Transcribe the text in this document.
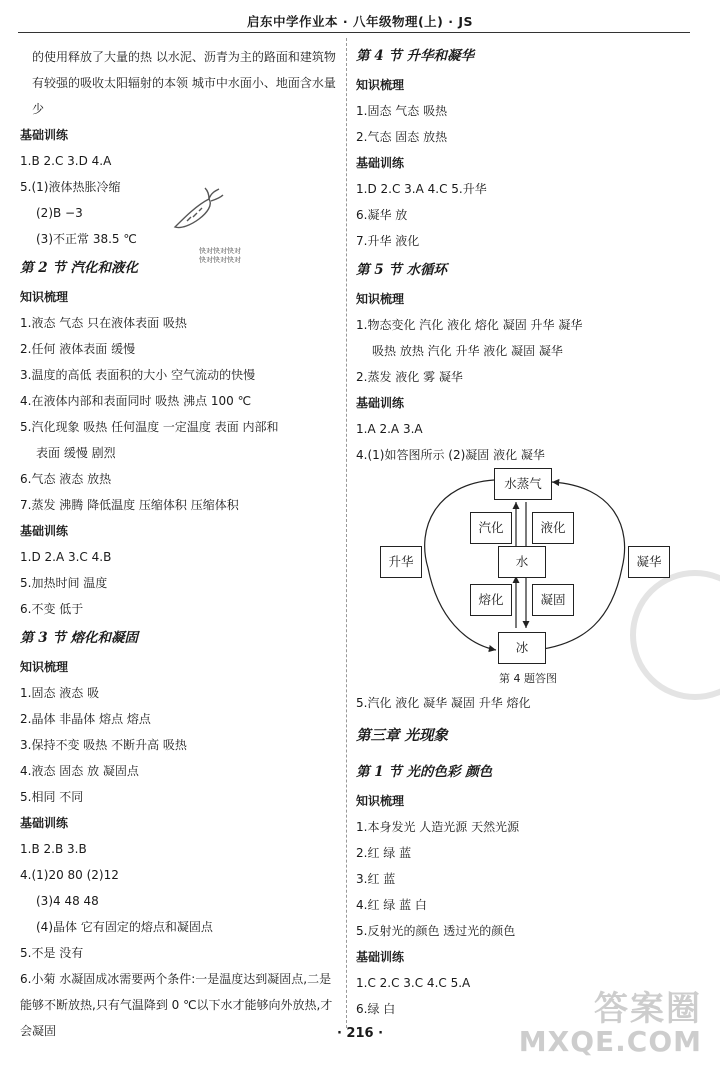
启东中学作业本 · 八年级物理(上) · JS
快对快对快对
快对快对快对
的使用释放了大量的热 以水泥、沥青为主的路面和建筑物有较强的吸收太阳辐射的本领 城市中水面小、地面含水量少
基础训练
1.B 2.C 3.D 4.A
5.(1)液体热胀冷缩
(2)B −3
(3)不正常 38.5 ℃
第 2 节 汽化和液化
知识梳理
1.液态 气态 只在液体表面 吸热
2.任何 液体表面 缓慢
3.温度的高低 表面积的大小 空气流动的快慢
4.在液体内部和表面同时 吸热 沸点 100 ℃
5.汽化现象 吸热 任何温度 一定温度 表面 内部和
表面 缓慢 剧烈
6.气态 液态 放热
7.蒸发 沸腾 降低温度 压缩体积 压缩体积
基础训练
1.D 2.A 3.C 4.B
5.加热时间 温度
6.不变 低于
第 3 节 熔化和凝固
知识梳理
1.固态 液态 吸
2.晶体 非晶体 熔点 熔点
3.保持不变 吸热 不断升高 吸热
4.液态 固态 放 凝固点
5.相同 不同
基础训练
1.B 2.B 3.B
4.(1)20 80 (2)12
(3)4 48 48
(4)晶体 它有固定的熔点和凝固点
5.不是 没有
6.小菊 水凝固成冰需要两个条件:一是温度达到凝固点,二是能够不断放热,只有气温降到 0 ℃以下水才能够向外放热,才会凝固
第 4 节 升华和凝华
知识梳理
1.固态 气态 吸热
2.气态 固态 放热
基础训练
1.D 2.C 3.A 4.C 5.升华
6.凝华 放
7.升华 液化
第 5 节 水循环
知识梳理
1.物态变化 汽化 液化 熔化 凝固 升华 凝华
吸热 放热 汽化 升华 液化 凝固 凝华
2.蒸发 液化 雾 凝华
基础训练
1.A 2.A 3.A
4.(1)如答图所示 (2)凝固 液化 凝华
水蒸气
汽化	液化
水
升华	凝华
熔化	凝固
冰
第 4 题答图
5.汽化 液化 凝华 凝固 升华 熔化
第三章 光现象
第 1 节 光的色彩 颜色
知识梳理
1.本身发光 人造光源 天然光源
2.红 绿 蓝
3.红 蓝
4.红 绿 蓝 白
5.反射光的颜色 透过光的颜色
基础训练
1.C 2.C 3.C 4.C 5.A
6.绿 白
· 216 ·
答案圈
MXQE.COM
